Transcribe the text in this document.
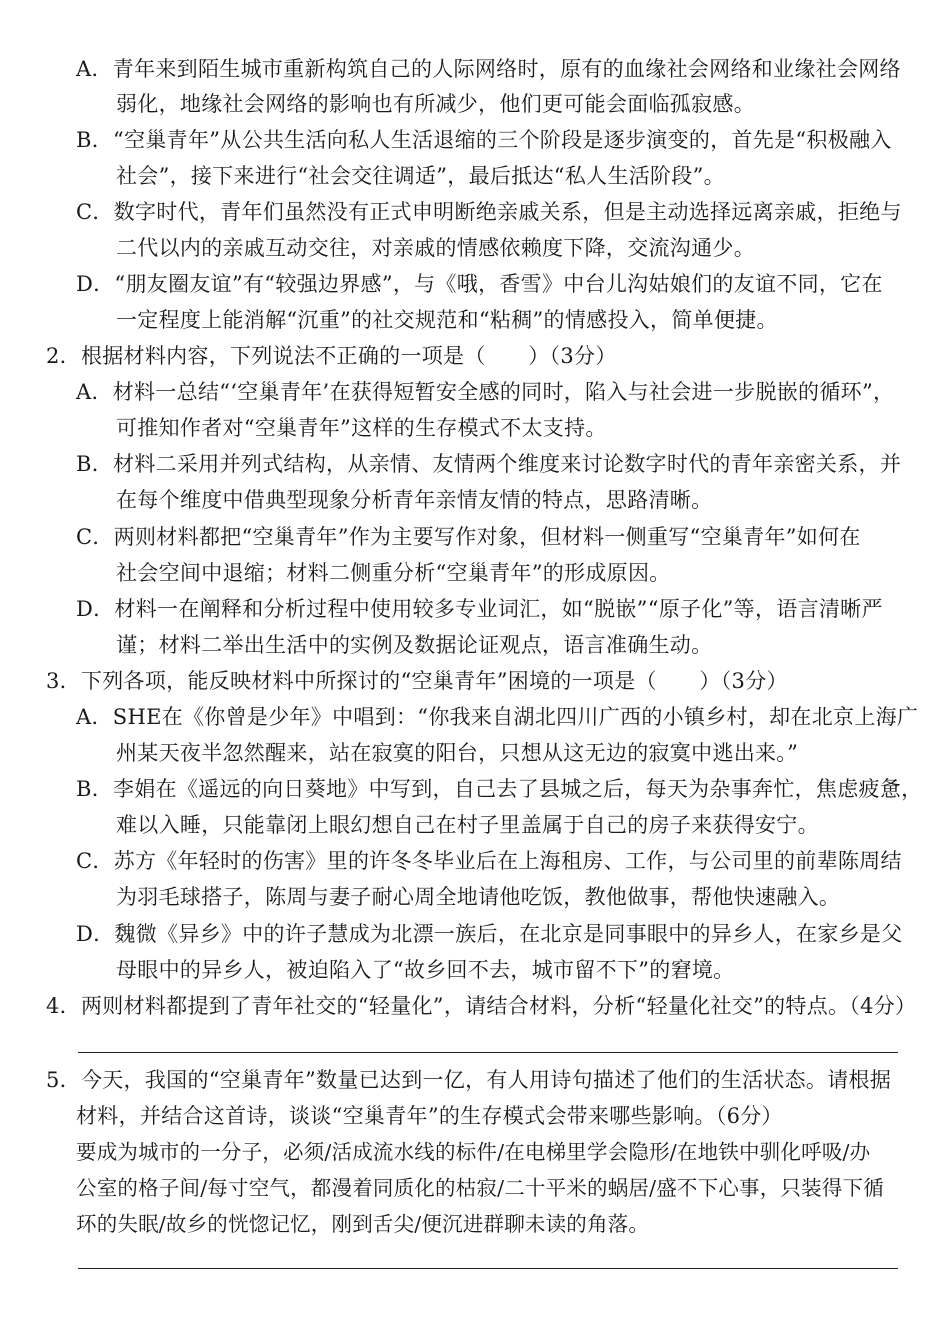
A．青年来到陌生城市重新构筑自己的人际网络时，原有的血缘社会网络和业缘社会网络
弱化，地缘社会网络的影响也有所减少，他们更可能会面临孤寂感。
B．“空巢青年”从公共生活向私人生活退缩的三个阶段是逐步演变的，首先是“积极融入
社会”，接下来进行“社会交往调适”，最后抵达“私人生活阶段”。
C．数字时代，青年们虽然没有正式申明断绝亲戚关系，但是主动选择远离亲戚，拒绝与
二代以内的亲戚互动交往，对亲戚的情感依赖度下降，交流沟通少。
D．“朋友圈友谊”有“较强边界感”，与《哦，香雪》中台儿沟姑娘们的友谊不同，它在
一定程度上能消解“沉重”的社交规范和“粘稠”的情感投入，简单便捷。
2．根据材料内容，下列说法不正确的一项是（　　）（3分）
A．材料一总结“‘空巢青年’在获得短暂安全感的同时，陷入与社会进一步脱嵌的循环”，
可推知作者对“空巢青年”这样的生存模式不太支持。
B．材料二采用并列式结构，从亲情、友情两个维度来讨论数字时代的青年亲密关系，并
在每个维度中借典型现象分析青年亲情友情的特点，思路清晰。
C．两则材料都把“空巢青年”作为主要写作对象，但材料一侧重写“空巢青年”如何在
社会空间中退缩；材料二侧重分析“空巢青年”的形成原因。
D．材料一在阐释和分析过程中使用较多专业词汇，如“脱嵌”“原子化”等，语言清晰严
谨；材料二举出生活中的实例及数据论证观点，语言准确生动。
3．下列各项，能反映材料中所探讨的“空巢青年”困境的一项是（　　）（3分）
A．SHE在《你曾是少年》中唱到：“你我来自湖北四川广西的小镇乡村，却在北京上海广
州某天夜半忽然醒来，站在寂寞的阳台，只想从这无边的寂寞中逃出来。”
B．李娟在《遥远的向日葵地》中写到，自己去了县城之后，每天为杂事奔忙，焦虑疲惫，
难以入睡，只能靠闭上眼幻想自己在村子里盖属于自己的房子来获得安宁。
C．苏方《年轻时的伤害》里的许冬冬毕业后在上海租房、工作，与公司里的前辈陈周结
为羽毛球搭子，陈周与妻子耐心周全地请他吃饭，教他做事，帮他快速融入。
D．魏微《异乡》中的许子慧成为北漂一族后，在北京是同事眼中的异乡人，在家乡是父
母眼中的异乡人，被迫陷入了“故乡回不去，城市留不下”的窘境。
4．两则材料都提到了青年社交的“轻量化”，请结合材料，分析“轻量化社交”的特点。（4分）
5．今天，我国的“空巢青年”数量已达到一亿，有人用诗句描述了他们的生活状态。请根据
材料，并结合这首诗，谈谈“空巢青年”的生存模式会带来哪些影响。（6分）
要成为城市的一分子，必须/活成流水线的标件/在电梯里学会隐形/在地铁中驯化呼吸/办
公室的格子间/每寸空气，都漫着同质化的枯寂/二十平米的蜗居/盛不下心事，只装得下循
环的失眠/故乡的恍惚记忆，刚到舌尖/便沉进群聊未读的角落。
